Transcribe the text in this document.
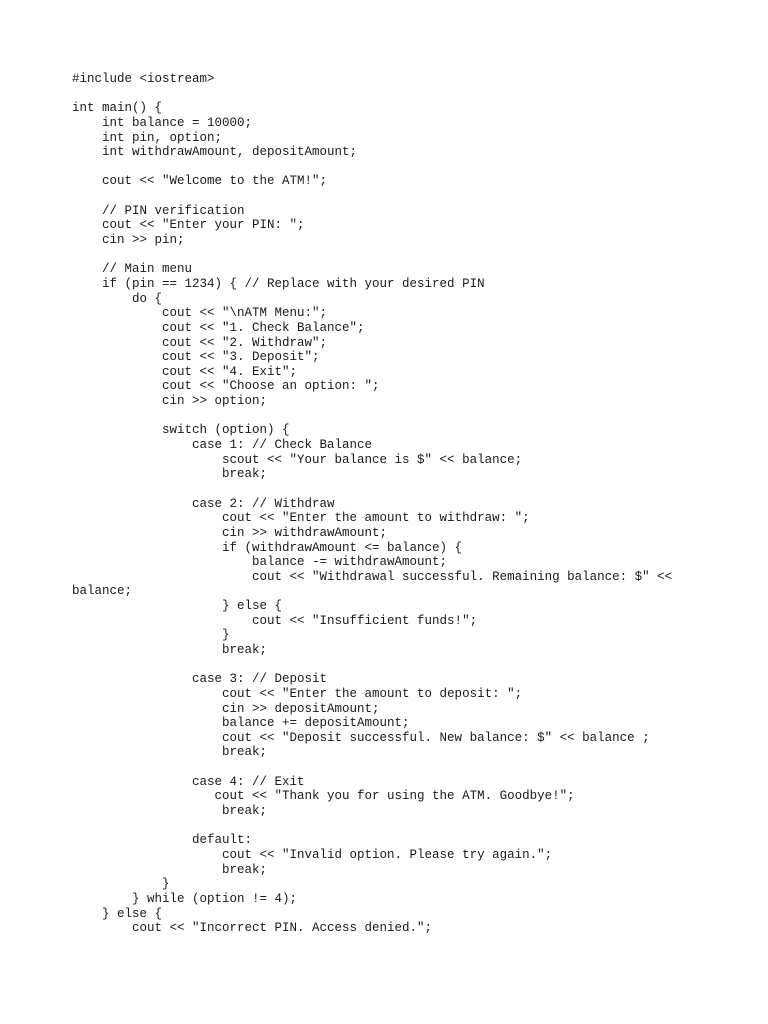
#include <iostream>
int main() {
int balance = 10000;
int pin, option;
int withdrawAmount, depositAmount;
cout << "Welcome to the ATM!";
// PIN verification
cout << "Enter your PIN: ";
cin >> pin;
// Main menu
if (pin == 1234) { // Replace with your desired PIN
do {
cout << "\nATM Menu:";
cout << "1. Check Balance";
cout << "2. Withdraw";
cout << "3. Deposit";
cout << "4. Exit";
cout << "Choose an option: ";
cin >> option;
switch (option) {
case 1: // Check Balance
scout << "Your balance is $" << balance;
break;
case 2: // Withdraw
cout << "Enter the amount to withdraw: ";
cin >> withdrawAmount;
if (withdrawAmount <= balance) {
balance -= withdrawAmount;
cout << "Withdrawal successful. Remaining balance: $" <<
balance;
} else {
cout << "Insufficient funds!";
}
break;
case 3: // Deposit
cout << "Enter the amount to deposit: ";
cin >> depositAmount;
balance += depositAmount;
cout << "Deposit successful. New balance: $" << balance ;
break;
case 4: // Exit
cout << "Thank you for using the ATM. Goodbye!";
break;
default:
cout << "Invalid option. Please try again.";
break;
}
} while (option != 4);
} else {
cout << "Incorrect PIN. Access denied.";
